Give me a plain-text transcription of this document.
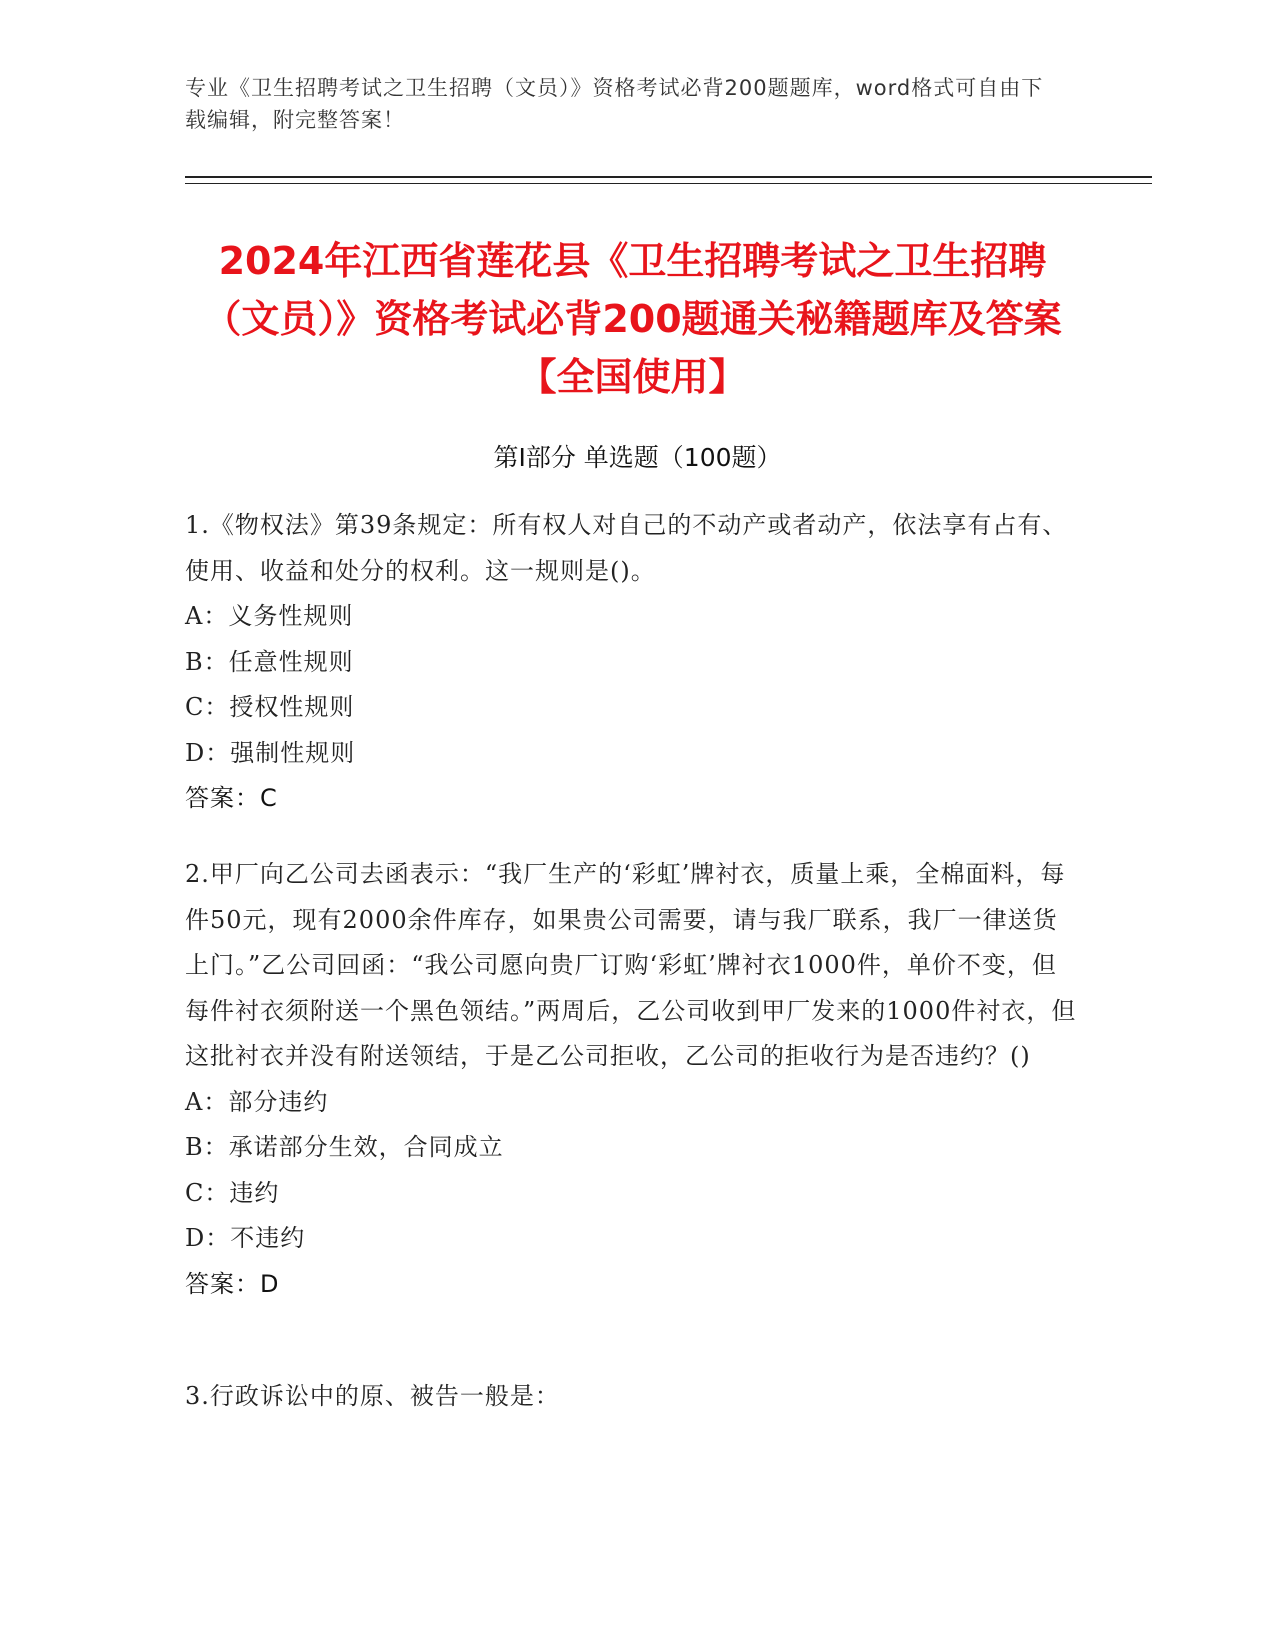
专业《卫生招聘考试之卫生招聘（文员）》资格考试必背200题题库，word格式可自由下载编辑，附完整答案！
2024年江西省莲花县《卫生招聘考试之卫生招聘（文员）》资格考试必背200题通关秘籍题库及答案【全国使用】
第I部分 单选题（100题）

1.《物权法》第39条规定：所有权人对自己的不动产或者动产，依法享有占有、使用、收益和处分的权利。这一规则是()。

A：义务性规则

B：任意性规则

C：授权性规则

D：强制性规则

答案：C

2.甲厂向乙公司去函表示：“我厂生产的‘彩虹’牌衬衣，质量上乘，全棉面料，每件50元，现有2000余件库存，如果贵公司需要，请与我厂联系，我厂一律送货上门。”乙公司回函：“我公司愿向贵厂订购‘彩虹’牌衬衣1000件，单价不变，但每件衬衣须附送一个黑色领结。”两周后，乙公司收到甲厂发来的1000件衬衣，但这批衬衣并没有附送领结，于是乙公司拒收，乙公司的拒收行为是否违约？()

A：部分违约

B：承诺部分生效，合同成立

C：违约

D：不违约

答案：D

3.行政诉讼中的原、被告一般是：
